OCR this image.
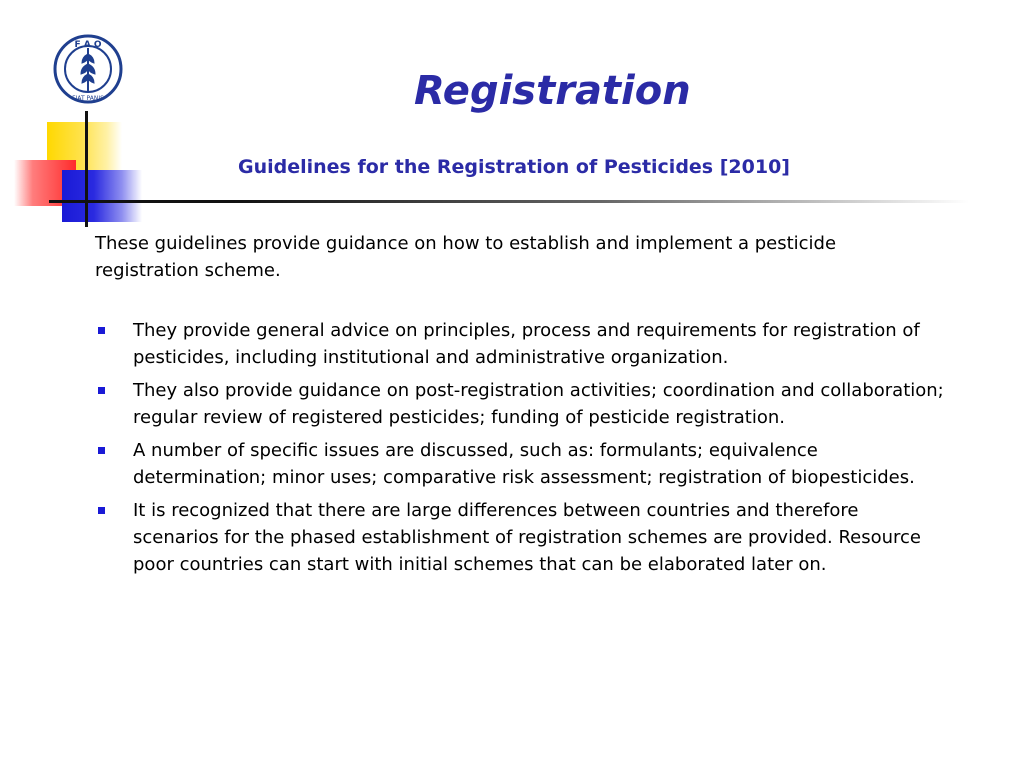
F A O
FIAT PANIS	Registration
Guidelines for the Registration of Pesticides [2010]

These guidelines provide guidance on how to establish and implement a pesticide registration scheme.

They provide general advice on principles, process and requirements for registration of pesticides, including institutional and administrative organization.
They also provide guidance on post-registration activities; coordination and collaboration; regular review of registered pesticides; funding of pesticide registration.
A number of specific issues are discussed, such as: formulants; equivalence determination; minor uses; comparative risk assessment; registration of biopesticides.
It is recognized that there are large differences between countries and therefore scenarios for the phased establishment of registration schemes are provided. Resource poor countries can start with initial schemes that can be elaborated later on.
